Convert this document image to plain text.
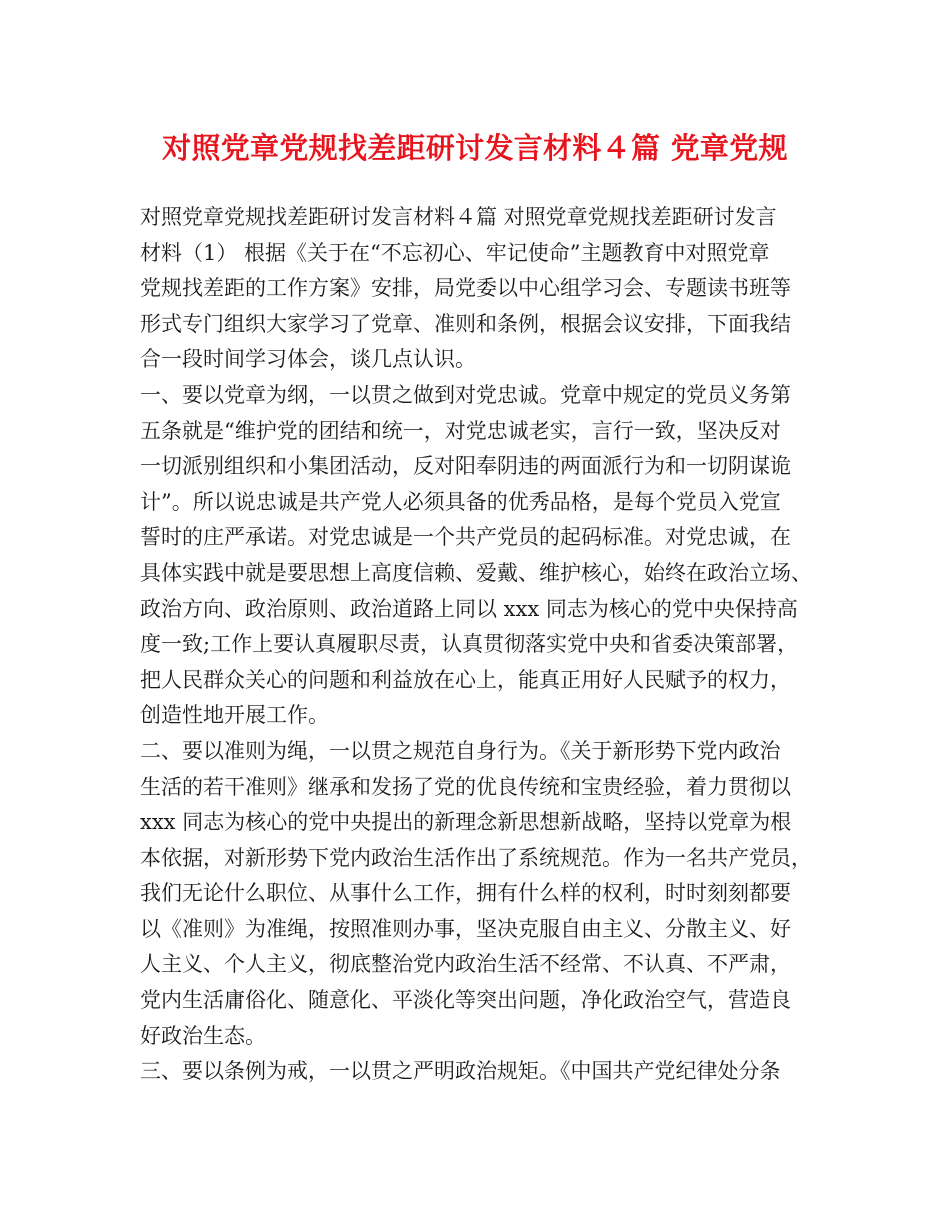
对照党章党规找差距研讨发言材料４篇 党章党规
对照党章党规找差距研讨发言材料４篇 对照党章党规找差距研讨发言
材料（1） 根据《关于在“不忘初心、牢记使命”主题教育中对照党章
党规找差距的工作方案》安排，局党委以中心组学习会、专题读书班等
形式专门组织大家学习了党章、准则和条例，根据会议安排，下面我结
合一段时间学习体会，谈几点认识。
一、要以党章为纲，一以贯之做到对党忠诚。党章中规定的党员义务第
五条就是“维护党的团结和统一，对党忠诚老实，言行一致，坚决反对
一切派别组织和小集团活动，反对阳奉阴违的两面派行为和一切阴谋诡
计”。所以说忠诚是共产党人必须具备的优秀品格，是每个党员入党宣
誓时的庄严承诺。对党忠诚是一个共产党员的起码标准。对党忠诚，在
具体实践中就是要思想上高度信赖、爱戴、维护核心，始终在政治立场、
政治方向、政治原则、政治道路上同以 xxx 同志为核心的党中央保持高
度一致;工作上要认真履职尽责，认真贯彻落实党中央和省委决策部署，
把人民群众关心的问题和利益放在心上，能真正用好人民赋予的权力，
创造性地开展工作。
二、要以准则为绳，一以贯之规范自身行为。《关于新形势下党内政治
生活的若干准则》继承和发扬了党的优良传统和宝贵经验，着力贯彻以
xxx 同志为核心的党中央提出的新理念新思想新战略，坚持以党章为根
本依据，对新形势下党内政治生活作出了系统规范。作为一名共产党员，
我们无论什么职位、从事什么工作，拥有什么样的权利，时时刻刻都要
以《准则》为准绳，按照准则办事，坚决克服自由主义、分散主义、好
人主义、个人主义，彻底整治党内政治生活不经常、不认真、不严肃，
党内生活庸俗化、随意化、平淡化等突出问题，净化政治空气，营造良
好政治生态。
三、要以条例为戒，一以贯之严明政治规矩。《中国共产党纪律处分条
